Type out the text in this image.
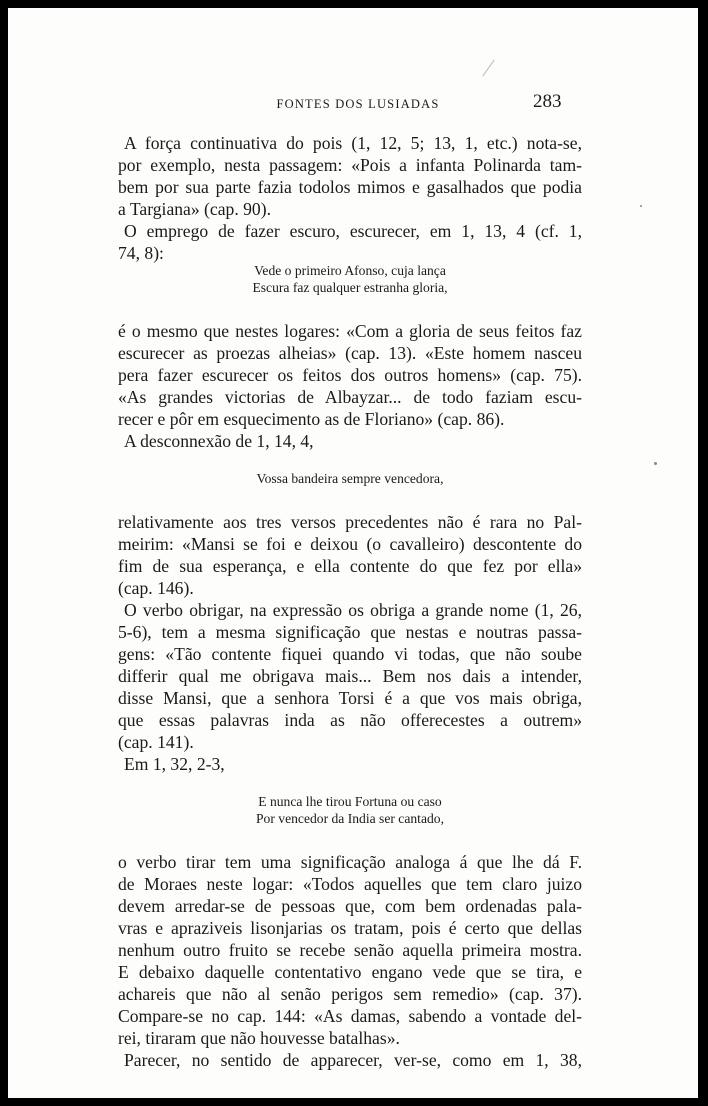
FONTES DOS LUSIADAS	283
A força continuativa do pois (1, 12, 5; 13, 1, etc.) nota-se,
por exemplo, nesta passagem: «Pois a infanta Polinarda tam-
bem por sua parte fazia todolos mimos e gasalhados que podia
a Targiana» (cap. 90).
O emprego de fazer escuro, escurecer, em 1, 13, 4 (cf. 1,
74, 8):
Vede o primeiro Afonso, cuja lança
Escura faz qualquer estranha gloria,
é o mesmo que nestes logares: «Com a gloria de seus feitos faz
escurecer as proezas alheias» (cap. 13). «Este homem nasceu
pera fazer escurecer os feitos dos outros homens» (cap. 75).
«As grandes victorias de Albayzar... de todo faziam escu-
recer e pôr em esquecimento as de Floriano» (cap. 86).
A desconnexão de 1, 14, 4,
Vossa bandeira sempre vencedora,
relativamente aos tres versos precedentes não é rara no Pal-
meirim: «Mansi se foi e deixou (o cavalleiro) descontente do
fim de sua esperança, e ella contente do que fez por ella»
(cap. 146).
O verbo obrigar, na expressão os obriga a grande nome (1, 26,
5-6), tem a mesma significação que nestas e noutras passa-
gens: «Tão contente fiquei quando vi todas, que não soube
differir qual me obrigava mais... Bem nos dais a intender,
disse Mansi, que a senhora Torsi é a que vos mais obriga,
que essas palavras inda as não offerecestes a outrem»
(cap. 141).
Em 1, 32, 2-3,
E nunca lhe tirou Fortuna ou caso
Por vencedor da India ser cantado,
o verbo tirar tem uma significação analoga á que lhe dá F.
de Moraes neste logar: «Todos aquelles que tem claro juizo
devem arredar-se de pessoas que, com bem ordenadas pala-
vras e apraziveis lisonjarias os tratam, pois é certo que dellas
nenhum outro fruito se recebe senão aquella primeira mostra.
E debaixo daquelle contentativo engano vede que se tira, e
achareis que não al senão perigos sem remedio» (cap. 37).
Compare-se no cap. 144: «As damas, sabendo a vontade del-
rei, tiraram que não houvesse batalhas».
Parecer, no sentido de apparecer, ver-se, como em 1, 38,
